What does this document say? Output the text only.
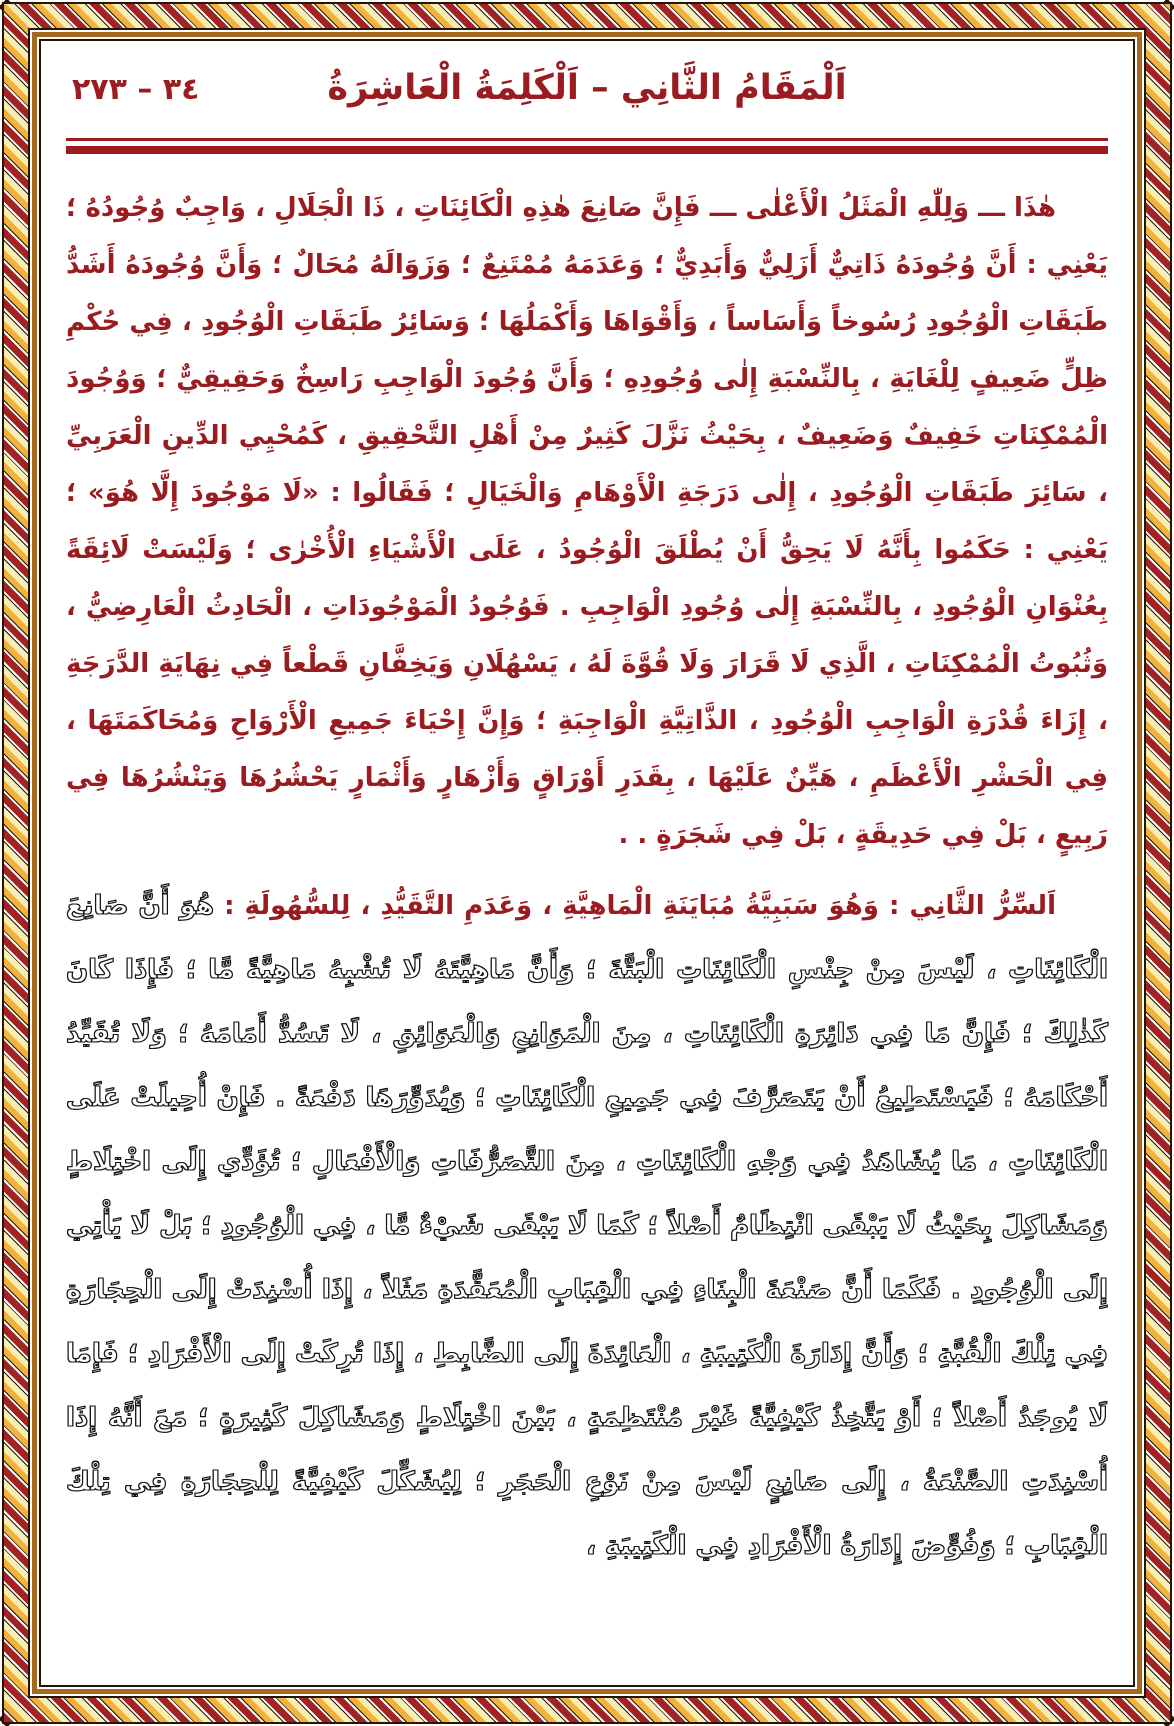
اَلْمَقَامُ الثَّانِي – اَلْكَلِمَةُ الْعَاشِرَةُ
٣٤ – ٢٧٣

هٰذَا ـــ وَلِلّٰهِ الْمَثَلُ الْأَعْلٰى ـــ فَإِنَّ صَانِعَ هٰذِهِ الْكَائِنَاتِ ، ذَا الْجَلَالِ ، وَاجِبٌ وُجُودُهُ ؛ يَعْنِي : أَنَّ وُجُودَهُ ذَاتِيٌّ أَزَلِيٌّ وَأَبَدِيٌّ ؛ وَعَدَمَهُ مُمْتَنِعٌ ؛ وَزَوَالَهُ مُحَالٌ ؛ وَأَنَّ وُجُودَهُ أَشَدُّ طَبَقَاتِ الْوُجُودِ رُسُوخاً وَأَسَاساً ، وَأَقْوَاهَا وَأَكْمَلُهَا ؛ وَسَائِرُ طَبَقَاتِ الْوُجُودِ ، فِي حُكْمِ ظِلٍّ ضَعِيفٍ لِلْغَايَةِ ، بِالنِّسْبَةِ إِلٰى وُجُودِهِ ؛ وَأَنَّ وُجُودَ الْوَاجِبِ رَاسِخٌ وَحَقِيقِيٌّ ؛ وَوُجُودَ الْمُمْكِنَاتِ خَفِيفٌ وَضَعِيفٌ ، بِحَيْثُ نَزَّلَ كَثِيرٌ مِنْ أَهْلِ التَّحْقِيقِ ، كَمُحْيِي الدِّينِ الْعَرَبِيِّ ، سَائِرَ طَبَقَاتِ الْوُجُودِ ، إِلٰى دَرَجَةِ الْأَوْهَامِ وَالْخَيَالِ ؛ فَقَالُوا : «لَا مَوْجُودَ إِلَّا هُوَ» ؛ يَعْنِي : حَكَمُوا بِأَنَّهُ لَا يَحِقُّ أَنْ يُطْلَقَ الْوُجُودُ ، عَلَى الْأَشْيَاءِ الْأُخْرٰى ؛ وَلَيْسَتْ لَائِقَةً بِعُنْوَانِ الْوُجُودِ ، بِالنِّسْبَةِ إِلٰى وُجُودِ الْوَاجِبِ . فَوُجُودُ الْمَوْجُودَاتِ ، الْحَادِثُ الْعَارِضِيُّ ، وَثُبُوتُ الْمُمْكِنَاتِ ، الَّذِي لَا قَرَارَ وَلَا قُوَّةَ لَهُ ، يَسْهُلَانِ وَيَخِفَّانِ قَطْعاً فِي نِهَايَةِ الدَّرَجَةِ ، إِزَاءَ قُدْرَةِ الْوَاجِبِ الْوُجُودِ ، الذَّاتِيَّةِ الْوَاجِبَةِ ؛ وَإِنَّ إِحْيَاءَ جَمِيعِ الْأَرْوَاحِ وَمُحَاكَمَتَهَا ، فِي الْحَشْرِ الْأَعْظَمِ ، هَيِّنٌ عَلَيْهَا ، بِقَدَرِ أَوْرَاقٍ وَأَزْهَارٍ وَأَثْمَارٍ يَحْشُرُهَا وَيَنْشُرُهَا فِي رَبِيعٍ ، بَلْ فِي حَدِيقَةٍ ، بَلْ فِي شَجَرَةٍ . .

اَلسِّرُّ الثَّانِي : وَهُوَ سَبَبِيَّةُ مُبَايَنَةِ الْمَاهِيَّةِ ، وَعَدَمِ التَّقَيُّدِ ، لِلسُّهُولَةِ : هُوَ أَنَّ صَانِعَ الْكَائِنَاتِ ، لَيْسَ مِنْ جِنْسِ الْكَائِنَاتِ الْبَتَّةَ ؛ وَأَنَّ مَاهِيَّتَهُ لَا تُشْبِهُ مَاهِيَّةً مَّا ؛ فَإِذَا كَانَ كَذٰلِكَ ؛ فَإِنَّ مَا فِي دَائِرَةِ الْكَائِنَاتِ ، مِنَ الْمَوَانِعِ وَالْعَوَائِقِ ، لَا تَسُدُّ أَمَامَهُ ؛ وَلَا تُقَيِّدُ أَحْكَامَهُ ؛ فَيَسْتَطِيعُ أَنْ يَتَصَرَّفَ فِي جَمِيعِ الْكَائِنَاتِ ؛ وَيُدَوِّرَهَا دَفْعَةً . فَإِنْ أُحِيلَتْ عَلَى الْكَائِنَاتِ ، مَا يُشَاهَدُ فِي وَجْهِ الْكَائِنَاتِ ، مِنَ التَّصَرُّفَاتِ وَالْأَفْعَالِ ؛ تُؤَدِّي إِلَى اخْتِلَاطٍ وَمَشَاكِلَ بِحَيْثُ لَا يَبْقَى انْتِظَامٌ أَصْلاً ؛ كَمَا لَا يَبْقَى شَيْءٌ مَّا ، فِي الْوُجُودِ ؛ بَلْ لَا يَأْتِي إِلَى الْوُجُودِ . فَكَمَا أَنَّ صَنْعَةَ الْبِنَاءِ فِي الْقِبَابِ الْمُعَقَّدَةِ مَثَلاً ، إِذَا أُسْنِدَتْ إِلَى الْحِجَارَةِ فِي تِلْكَ الْقُبَّةِ ؛ وَأَنَّ إِدَارَةَ الْكَتِيبَةِ ، الْعَائِدَةَ إِلَى الضَّابِطِ ، إِذَا تُرِكَتْ إِلَى الْأَفْرَادِ ؛ فَإِمَا لَا يُوجَدُ أَصْلاً ؛ أَوْ يَتَّخِذُ كَيْفِيَّةً غَيْرَ مُنْتَظِمَةٍ ، بَيْنَ اخْتِلَاطٍ وَمَشَاكِلَ كَثِيرَةٍ ؛ مَعَ أَنَّهُ إِذَا أُسْنِدَتِ الصَّنْعَةُ ، إِلَى صَانِعٍ لَيْسَ مِنْ نَوْعِ الْحَجَرِ ؛ لِيُشَكِّلَ كَيْفِيَّةً لِلْحِجَارَةِ فِي تِلْكَ الْقِبَابِ ؛ وَفُوِّضَ إِدَارَةُ الْأَفْرَادِ فِي الْكَتِيبَةِ ،
